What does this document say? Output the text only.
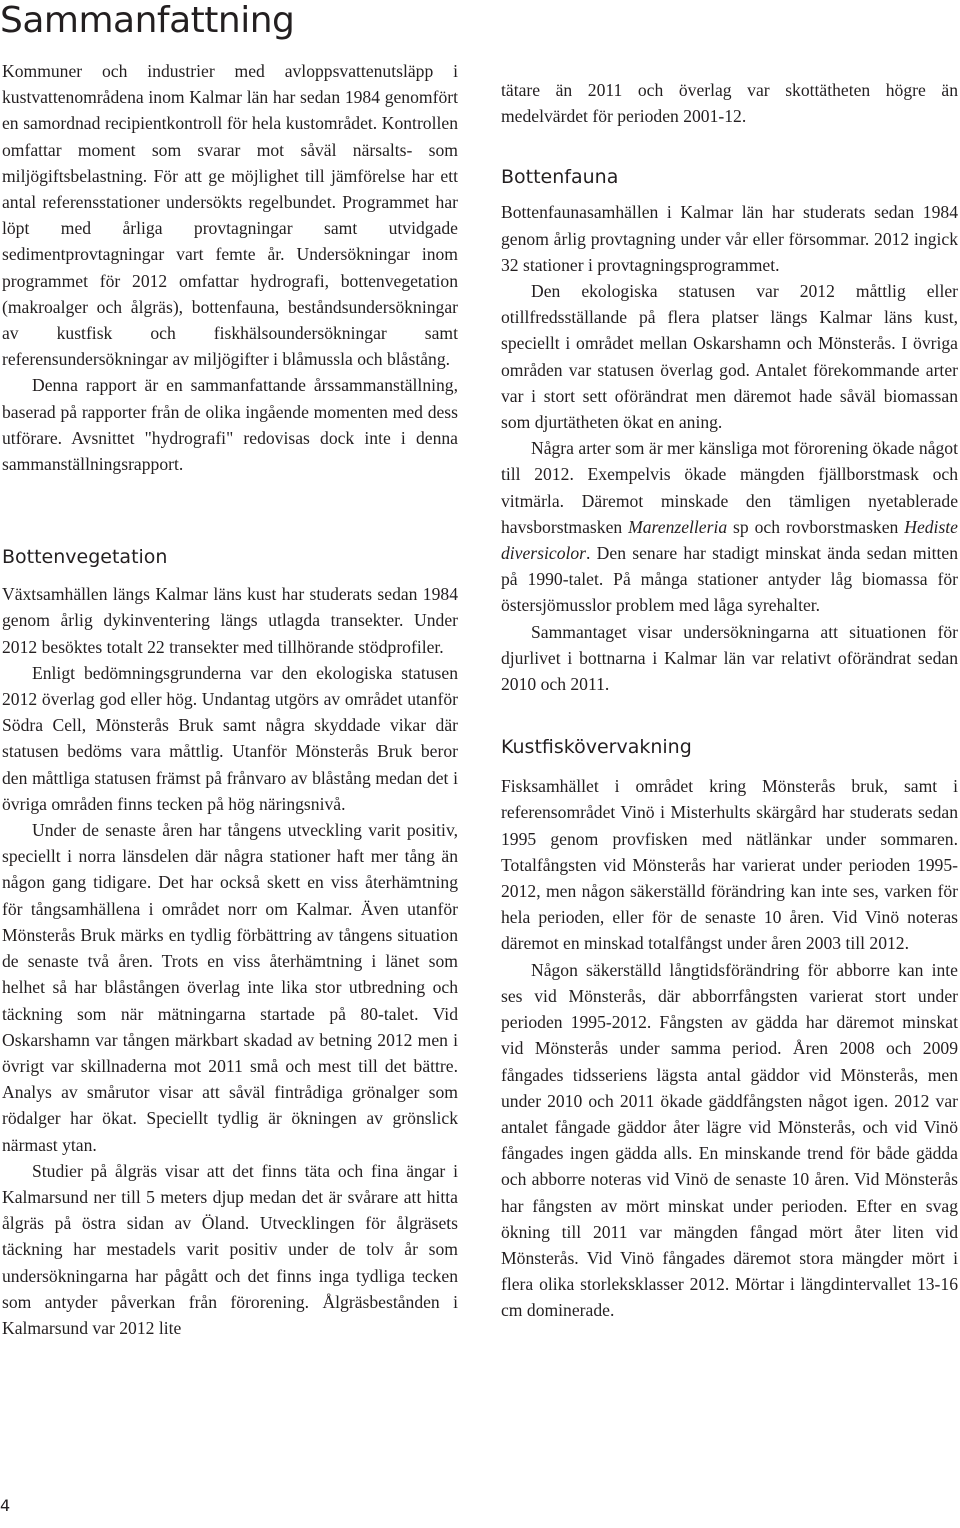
Sammanfattning

Kommuner och industrier med avloppsvattenutsläpp i kustvattenområdena inom Kalmar län har sedan 1984 genomfört en samordnad recipientkontroll för hela kustområdet. Kontrollen omfattar moment som svarar mot såväl närsalts- som miljögiftsbelastning. För att ge möjlighet till jämförelse har ett antal referensstationer undersökts regelbundet. Programmet har löpt med årliga provtagningar samt utvidgade sedimentprovtagningar vart femte år. Undersökningar inom programmet för 2012 omfattar hydrografi, bottenvegetation (makroalger och ålgräs), bottenfauna, beståndsundersökningar av kustfisk och fiskhälsoundersökningar samt referensundersökningar av miljögifter i blåmussla och blåstång.

Denna rapport är en sammanfattande årssammanställning, baserad på rapporter från de olika ingående momenten med dess utförare. Avsnittet "hydrografi" redovisas dock inte i denna sammanställningsrapport.

Bottenvegetation

Växtsamhällen längs Kalmar läns kust har studerats sedan 1984 genom årlig dykinventering längs utlagda transekter. Under 2012 besöktes totalt 22 transekter med tillhörande stödprofiler.

Enligt bedömningsgrunderna var den ekologiska statusen 2012 överlag god eller hög. Undantag utgörs av området utanför Södra Cell, Mönsterås Bruk samt några skyddade vikar där statusen bedöms vara måttlig. Utanför Mönsterås Bruk beror den måttliga statusen främst på frånvaro av blåstång medan det i övriga områden finns tecken på hög näringsnivå.

Under de senaste åren har tångens utveckling varit positiv, speciellt i norra länsdelen där några stationer haft mer tång än någon gang tidigare. Det har också skett en viss återhämtning för tångsamhällena i området norr om Kalmar. Även utanför Mönsterås Bruk märks en tydlig förbättring av tångens situation de senaste två åren. Trots en viss återhämtning i länet som helhet så har blåstången överlag inte lika stor utbredning och täckning som när mätningarna startade på 80-talet. Vid Oskarshamn var tången märkbart skadad av betning 2012 men i övrigt var skillnaderna mot 2011 små och mest till det bättre. Analys av smårutor visar att såväl fintrådiga grönalger som rödalger har ökat. Speciellt tydlig är ökningen av grönslick närmast ytan.

Studier på ålgräs visar att det finns täta och fina ängar i Kalmarsund ner till 5 meters djup medan det är svårare att hitta ålgräs på östra sidan av Öland. Utvecklingen för ålgräsets täckning har mestadels varit positiv under de tolv år som undersökningarna har pågått och det finns inga tydliga tecken som antyder påverkan från förorening. Ålgräsbestånden i Kalmarsund var 2012 lite

tätare än 2011 och överlag var skottätheten högre än medelvärdet för perioden 2001-12.

Bottenfauna

Bottenfaunasamhällen i Kalmar län har studerats sedan 1984 genom årlig provtagning under vår eller försommar. 2012 ingick 32 stationer i provtagningsprogrammet.

Den ekologiska statusen var 2012 måttlig eller otillfredsställande på flera platser längs Kalmar läns kust, speciellt i området mellan Oskarshamn och Mönsterås. I övriga områden var statusen överlag god. Antalet förekommande arter var i stort sett oförändrat men däremot hade såväl biomassan som djurtätheten ökat en aning.

Några arter som är mer känsliga mot förorening ökade något till 2012. Exempelvis ökade mängden fjällborstmask och vitmärla. Däremot minskade den tämligen nyetablerade havsborstmasken Marenzelleria sp och rovborstmasken Hediste diversicolor. Den senare har stadigt minskat ända sedan mitten på 1990-talet. På många stationer antyder låg biomassa för östersjömusslor problem med låga syrehalter.

Sammantaget visar undersökningarna att situationen för djurlivet i bottnarna i Kalmar län var relativt oförändrat sedan 2010 och 2011.

Kustfiskövervakning

Fisksamhället i området kring Mönsterås bruk, samt i referensområdet Vinö i Misterhults skärgård har studerats sedan 1995 genom provfisken med nätlänkar under sommaren. Totalfångsten vid Mönsterås har varierat under perioden 1995-2012, men någon säkerställd förändring kan inte ses, varken för hela perioden, eller för de senaste 10 åren. Vid Vinö noteras däremot en minskad totalfångst under åren 2003 till 2012.

Någon säkerställd långtidsförändring för abborre kan inte ses vid Mönsterås, där abborrfångsten varierat stort under perioden 1995-2012. Fångsten av gädda har däremot minskat vid Mönsterås under samma period. Åren 2008 och 2009 fångades tidsseriens lägsta antal gäddor vid Mönsterås, men under 2010 och 2011 ökade gäddfångsten något igen. 2012 var antalet fångade gäddor åter lägre vid Mönsterås, och vid Vinö fångades ingen gädda alls. En minskande trend för både gädda och abborre noteras vid Vinö de senaste 10 åren. Vid Mönsterås har fångsten av mört minskat under perioden. Efter en svag ökning till 2011 var mängden fångad mört åter liten vid Mönsterås. Vid Vinö fångades däremot stora mängder mört i flera olika storleksklasser 2012. Mörtar i längdintervallet 13-16 cm dominerade.

4
